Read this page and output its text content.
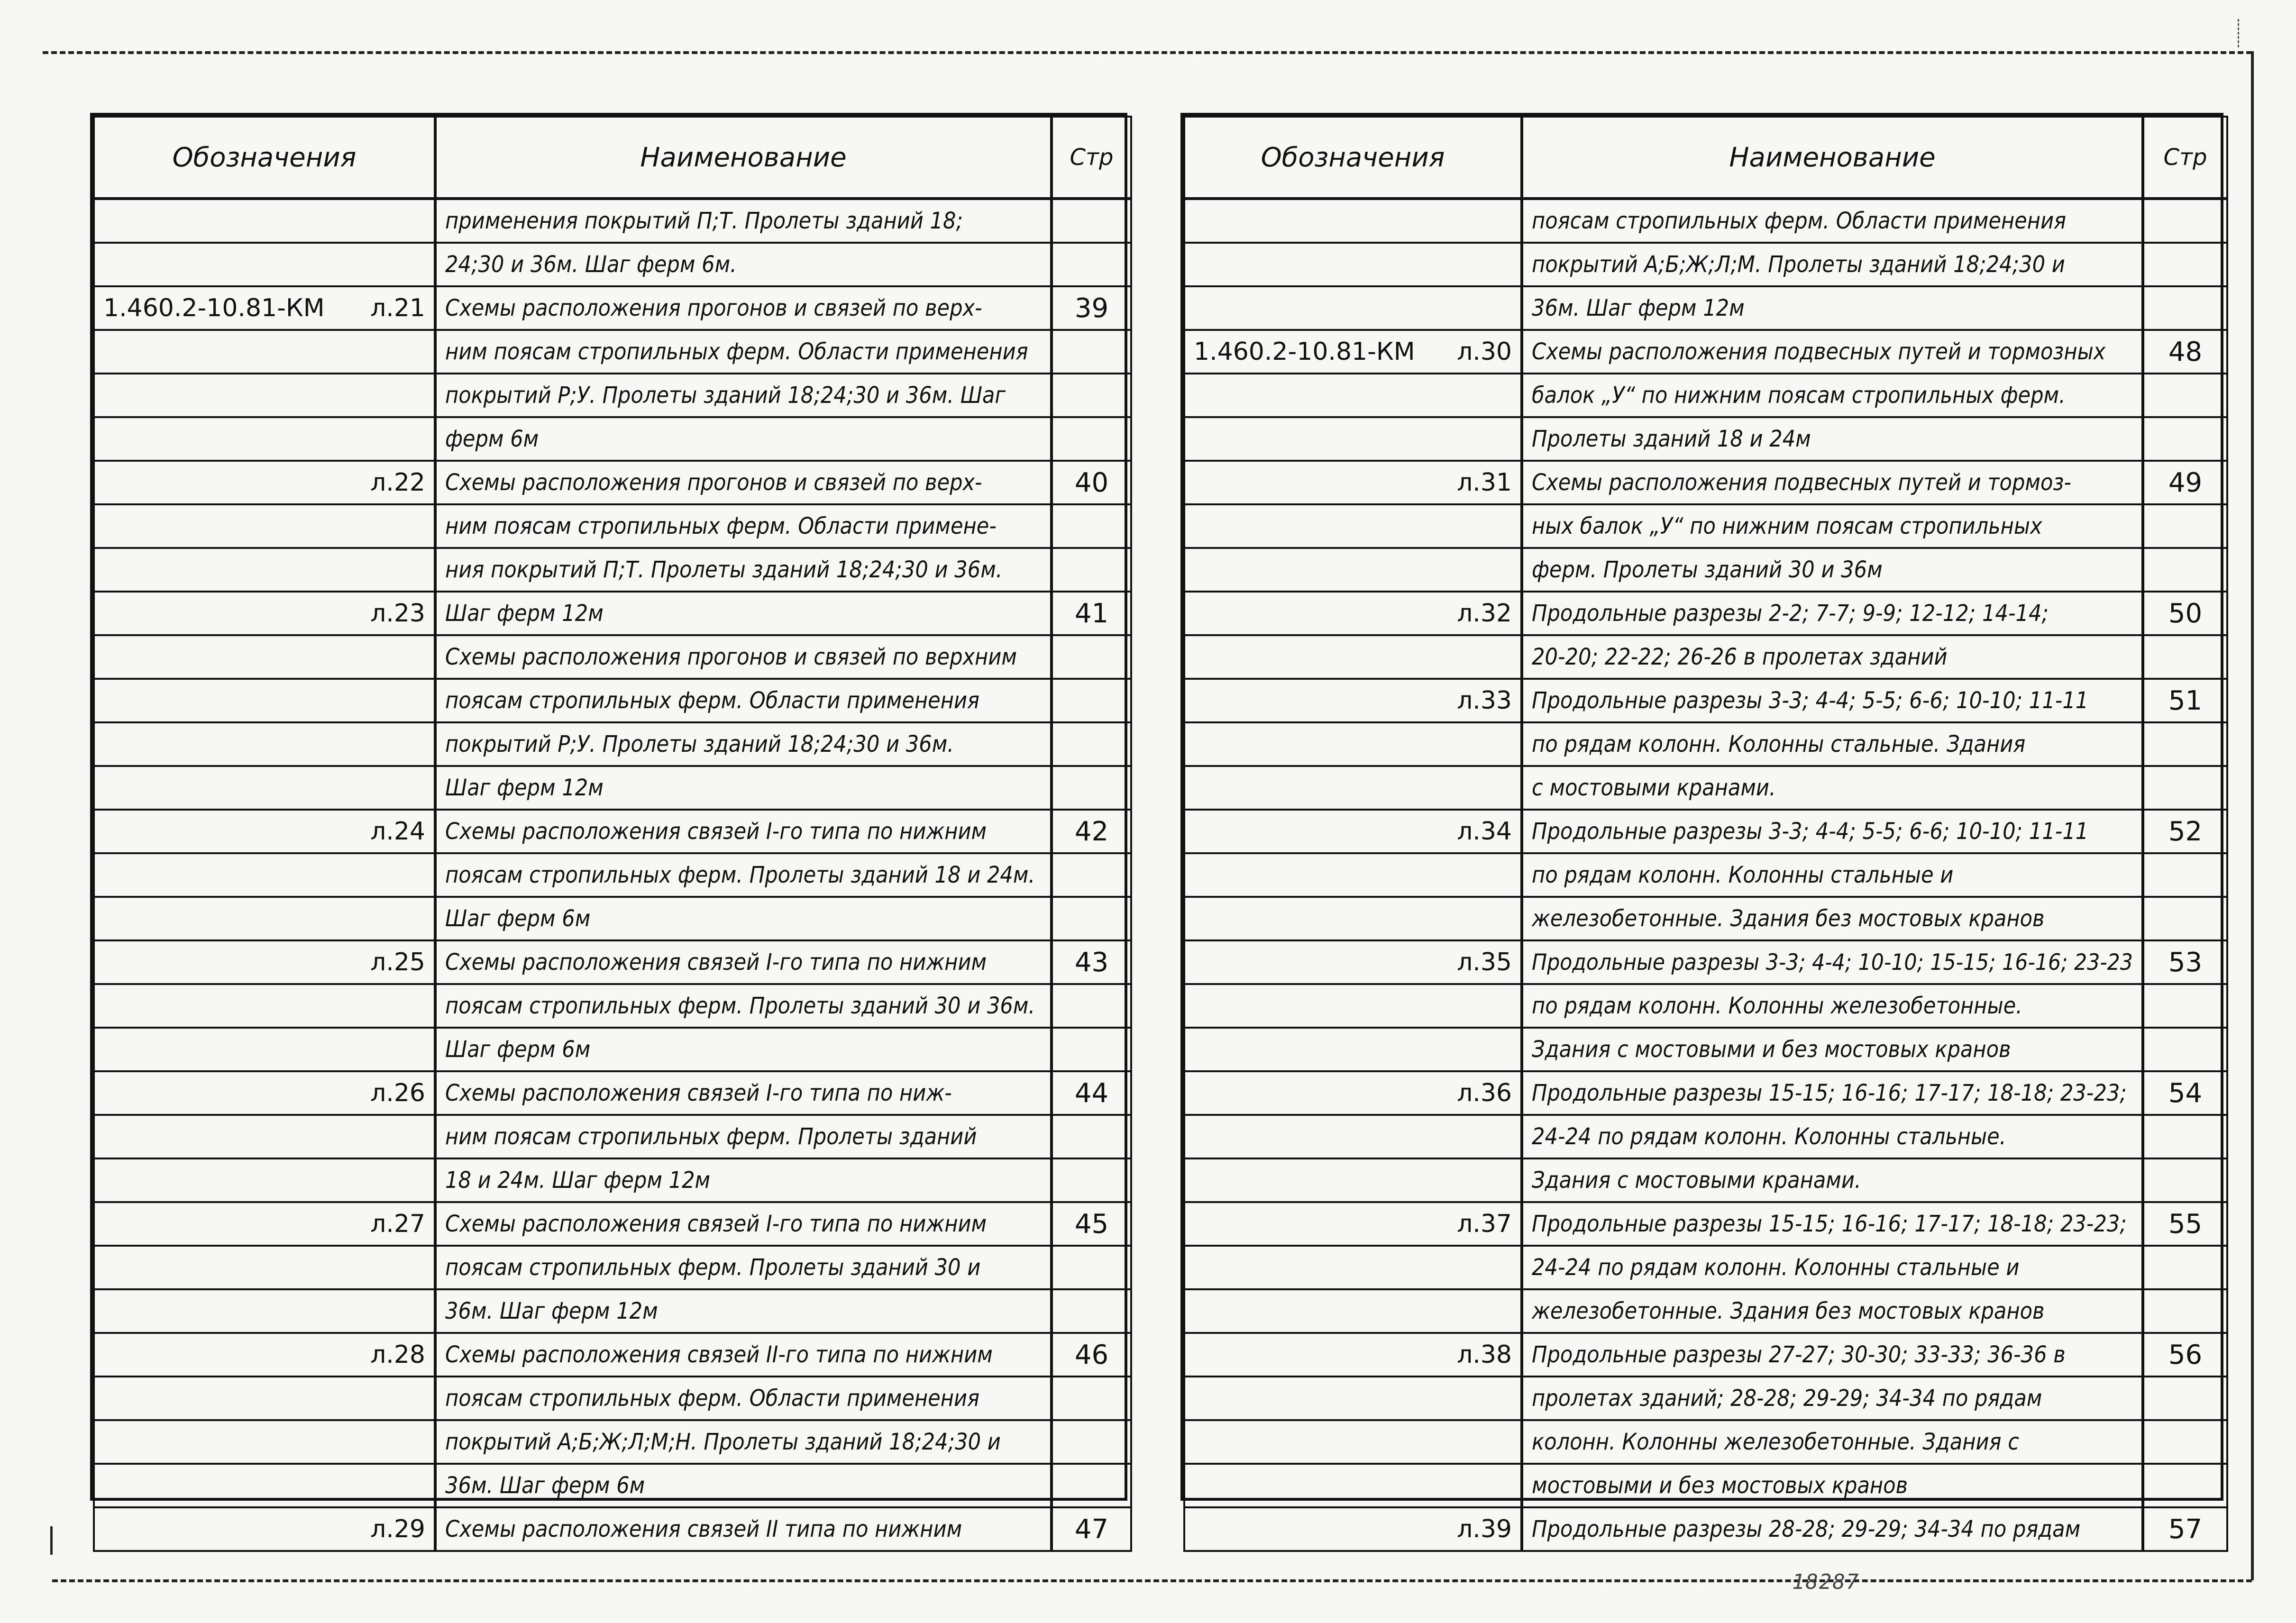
Обозначения	Наименование	Стр

	применения покрытий П;Т. Пролеты зданий 18;	

	24;30 и 36м. Шаг ферм 6м.	

1.460.2-10.81-КМ л.21	Схемы расположения прогонов и связей по верх-	39

	ним поясам стропильных ферм. Области применения	

	покрытий Р;У. Пролеты зданий 18;24;30 и 36м. Шаг	

	ферм 6м	

л.22	Схемы расположения прогонов и связей по верх-	40

	ним поясам стропильных ферм. Области примене-	

	ния покрытий П;Т. Пролеты зданий 18;24;30 и 36м.	

л.23	Шаг ферм 12м	41

	Схемы расположения прогонов и связей по верхним	

	поясам стропильных ферм. Области применения	

	покрытий Р;У. Пролеты зданий 18;24;30 и 36м.	

	Шаг ферм 12м	

л.24	Схемы расположения связей I-го типа по нижним	42

	поясам стропильных ферм. Пролеты зданий 18 и 24м.	

	Шаг ферм 6м	

л.25	Схемы расположения связей I-го типа по нижним	43

	поясам стропильных ферм. Пролеты зданий 30 и 36м.	

	Шаг ферм 6м	

л.26	Схемы расположения связей I-го типа по ниж-	44

	ним поясам стропильных ферм. Пролеты зданий	

	18 и 24м. Шаг ферм 12м	

л.27	Схемы расположения связей I-го типа по нижним	45

	поясам стропильных ферм. Пролеты зданий 30 и	

	36м. Шаг ферм 12м	

л.28	Схемы расположения связей II-го типа по нижним	46

	поясам стропильных ферм. Области применения	

	покрытий А;Б;Ж;Л;М;Н. Пролеты зданий 18;24;30 и	

	36м. Шаг ферм 6м	

л.29	Схемы расположения связей II типа по нижним	47
Обозначения	Наименование	Стр

	поясам стропильных ферм. Области применения	

	покрытий А;Б;Ж;Л;М. Пролеты зданий 18;24;30 и	

	36м. Шаг ферм 12м	

1.460.2-10.81-КМ л.30	Схемы расположения подвесных путей и тормозных	48

	балок „У“ по нижним поясам стропильных ферм.	

	Пролеты зданий 18 и 24м	

л.31	Схемы расположения подвесных путей и тормоз-	49

	ных балок „У“ по нижним поясам стропильных	

	ферм. Пролеты зданий 30 и 36м	

л.32	Продольные разрезы 2-2; 7-7; 9-9; 12-12; 14-14;	50

	20-20; 22-22; 26-26 в пролетах зданий	

л.33	Продольные разрезы 3-3; 4-4; 5-5; 6-6; 10-10; 11-11	51

	по рядам колонн. Колонны стальные. Здания	

	с мостовыми кранами.	

л.34	Продольные разрезы 3-3; 4-4; 5-5; 6-6; 10-10; 11-11	52

	по рядам колонн. Колонны стальные и	

	железобетонные. Здания без мостовых кранов	

л.35	Продольные разрезы 3-3; 4-4; 10-10; 15-15; 16-16; 23-23	53

	по рядам колонн. Колонны железобетонные.	

	Здания с мостовыми и без мостовых кранов	

л.36	Продольные разрезы 15-15; 16-16; 17-17; 18-18; 23-23;	54

	24-24 по рядам колонн. Колонны стальные.	

	Здания с мостовыми кранами.	

л.37	Продольные разрезы 15-15; 16-16; 17-17; 18-18; 23-23;	55

	24-24 по рядам колонн. Колонны стальные и	

	железобетонные. Здания без мостовых кранов	

л.38	Продольные разрезы 27-27; 30-30; 33-33; 36-36 в	56

	пролетах зданий; 28-28; 29-29; 34-34 по рядам	

	колонн. Колонны железобетонные. Здания с	

	мостовыми и без мостовых кранов	

л.39	Продольные разрезы 28-28; 29-29; 34-34 по рядам	57
18287
